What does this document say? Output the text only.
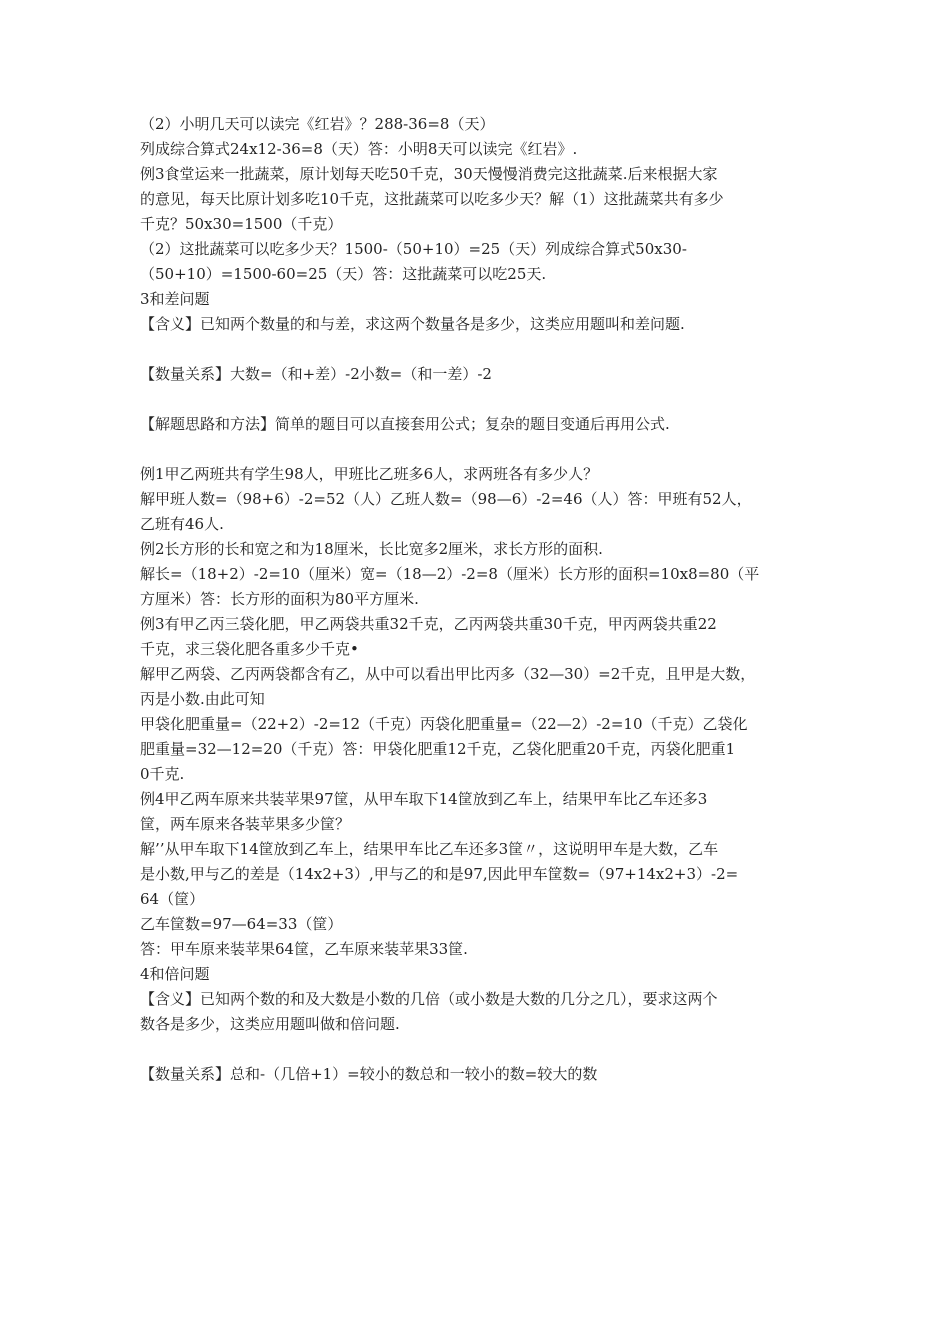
（2）小明几天可以读完《红岩》？288-36=8（天）
列成综合算式24x12-36=8（天）答：小明8天可以读完《红岩》.
例3食堂运来一批蔬菜，原计划每天吃50千克，30天慢慢消费完这批蔬菜.后来根据大家
的意见，每天比原计划多吃10千克，这批蔬菜可以吃多少天？解（1）这批蔬菜共有多少
千克？50x30=1500（千克）
（2）这批蔬菜可以吃多少天？1500-（50+10）=25（天）列成综合算式50x30-
（50+10）=1500-60=25（天）答：这批蔬菜可以吃25天.
3和差问题
【含义】已知两个数量的和与差，求这两个数量各是多少，这类应用题叫和差问题.
【数量关系】大数=（和+差）-2小数=（和一差）-2
【解题思路和方法】简单的题目可以直接套用公式；复杂的题目变通后再用公式.
例1甲乙两班共有学生98人，甲班比乙班多6人，求两班各有多少人？
解甲班人数=（98+6）-2=52（人）乙班人数=（98—6）-2=46（人）答：甲班有52人，
乙班有46人.
例2长方形的长和宽之和为18厘米，长比宽多2厘米，求长方形的面积.
解长=（18+2）-2=10（厘米）宽=（18—2）-2=8（厘米）长方形的面积=10x8=80（平
方厘米）答：长方形的面积为80平方厘米.
例3有甲乙丙三袋化肥，甲乙两袋共重32千克，乙丙两袋共重30千克，甲丙两袋共重22
千克，求三袋化肥各重多少千克•
解甲乙两袋、乙丙两袋都含有乙，从中可以看出甲比丙多（32—30）=2千克，且甲是大数，
丙是小数.由此可知
甲袋化肥重量=（22+2）-2=12（千克）丙袋化肥重量=（22—2）-2=10（千克）乙袋化
肥重量=32—12=20（千克）答：甲袋化肥重12千克，乙袋化肥重20千克，丙袋化肥重1
0千克.
例4甲乙两车原来共装苹果97筐，从甲车取下14筐放到乙车上，结果甲车比乙车还多3
筐，两车原来各装苹果多少筐？
解’’从甲车取下14筐放到乙车上，结果甲车比乙车还多3筐〃，这说明甲车是大数，乙车
是小数,甲与乙的差是（14x2+3）,甲与乙的和是97,因此甲车筐数=（97+14x2+3）-2=
64（筐）
乙车筐数=97—64=33（筐）
答：甲车原来装苹果64筐，乙车原来装苹果33筐.
4和倍问题
【含义】已知两个数的和及大数是小数的几倍（或小数是大数的几分之几），要求这两个
数各是多少，这类应用题叫做和倍问题.
【数量关系】总和-（几倍+1）=较小的数总和一较小的数=较大的数
